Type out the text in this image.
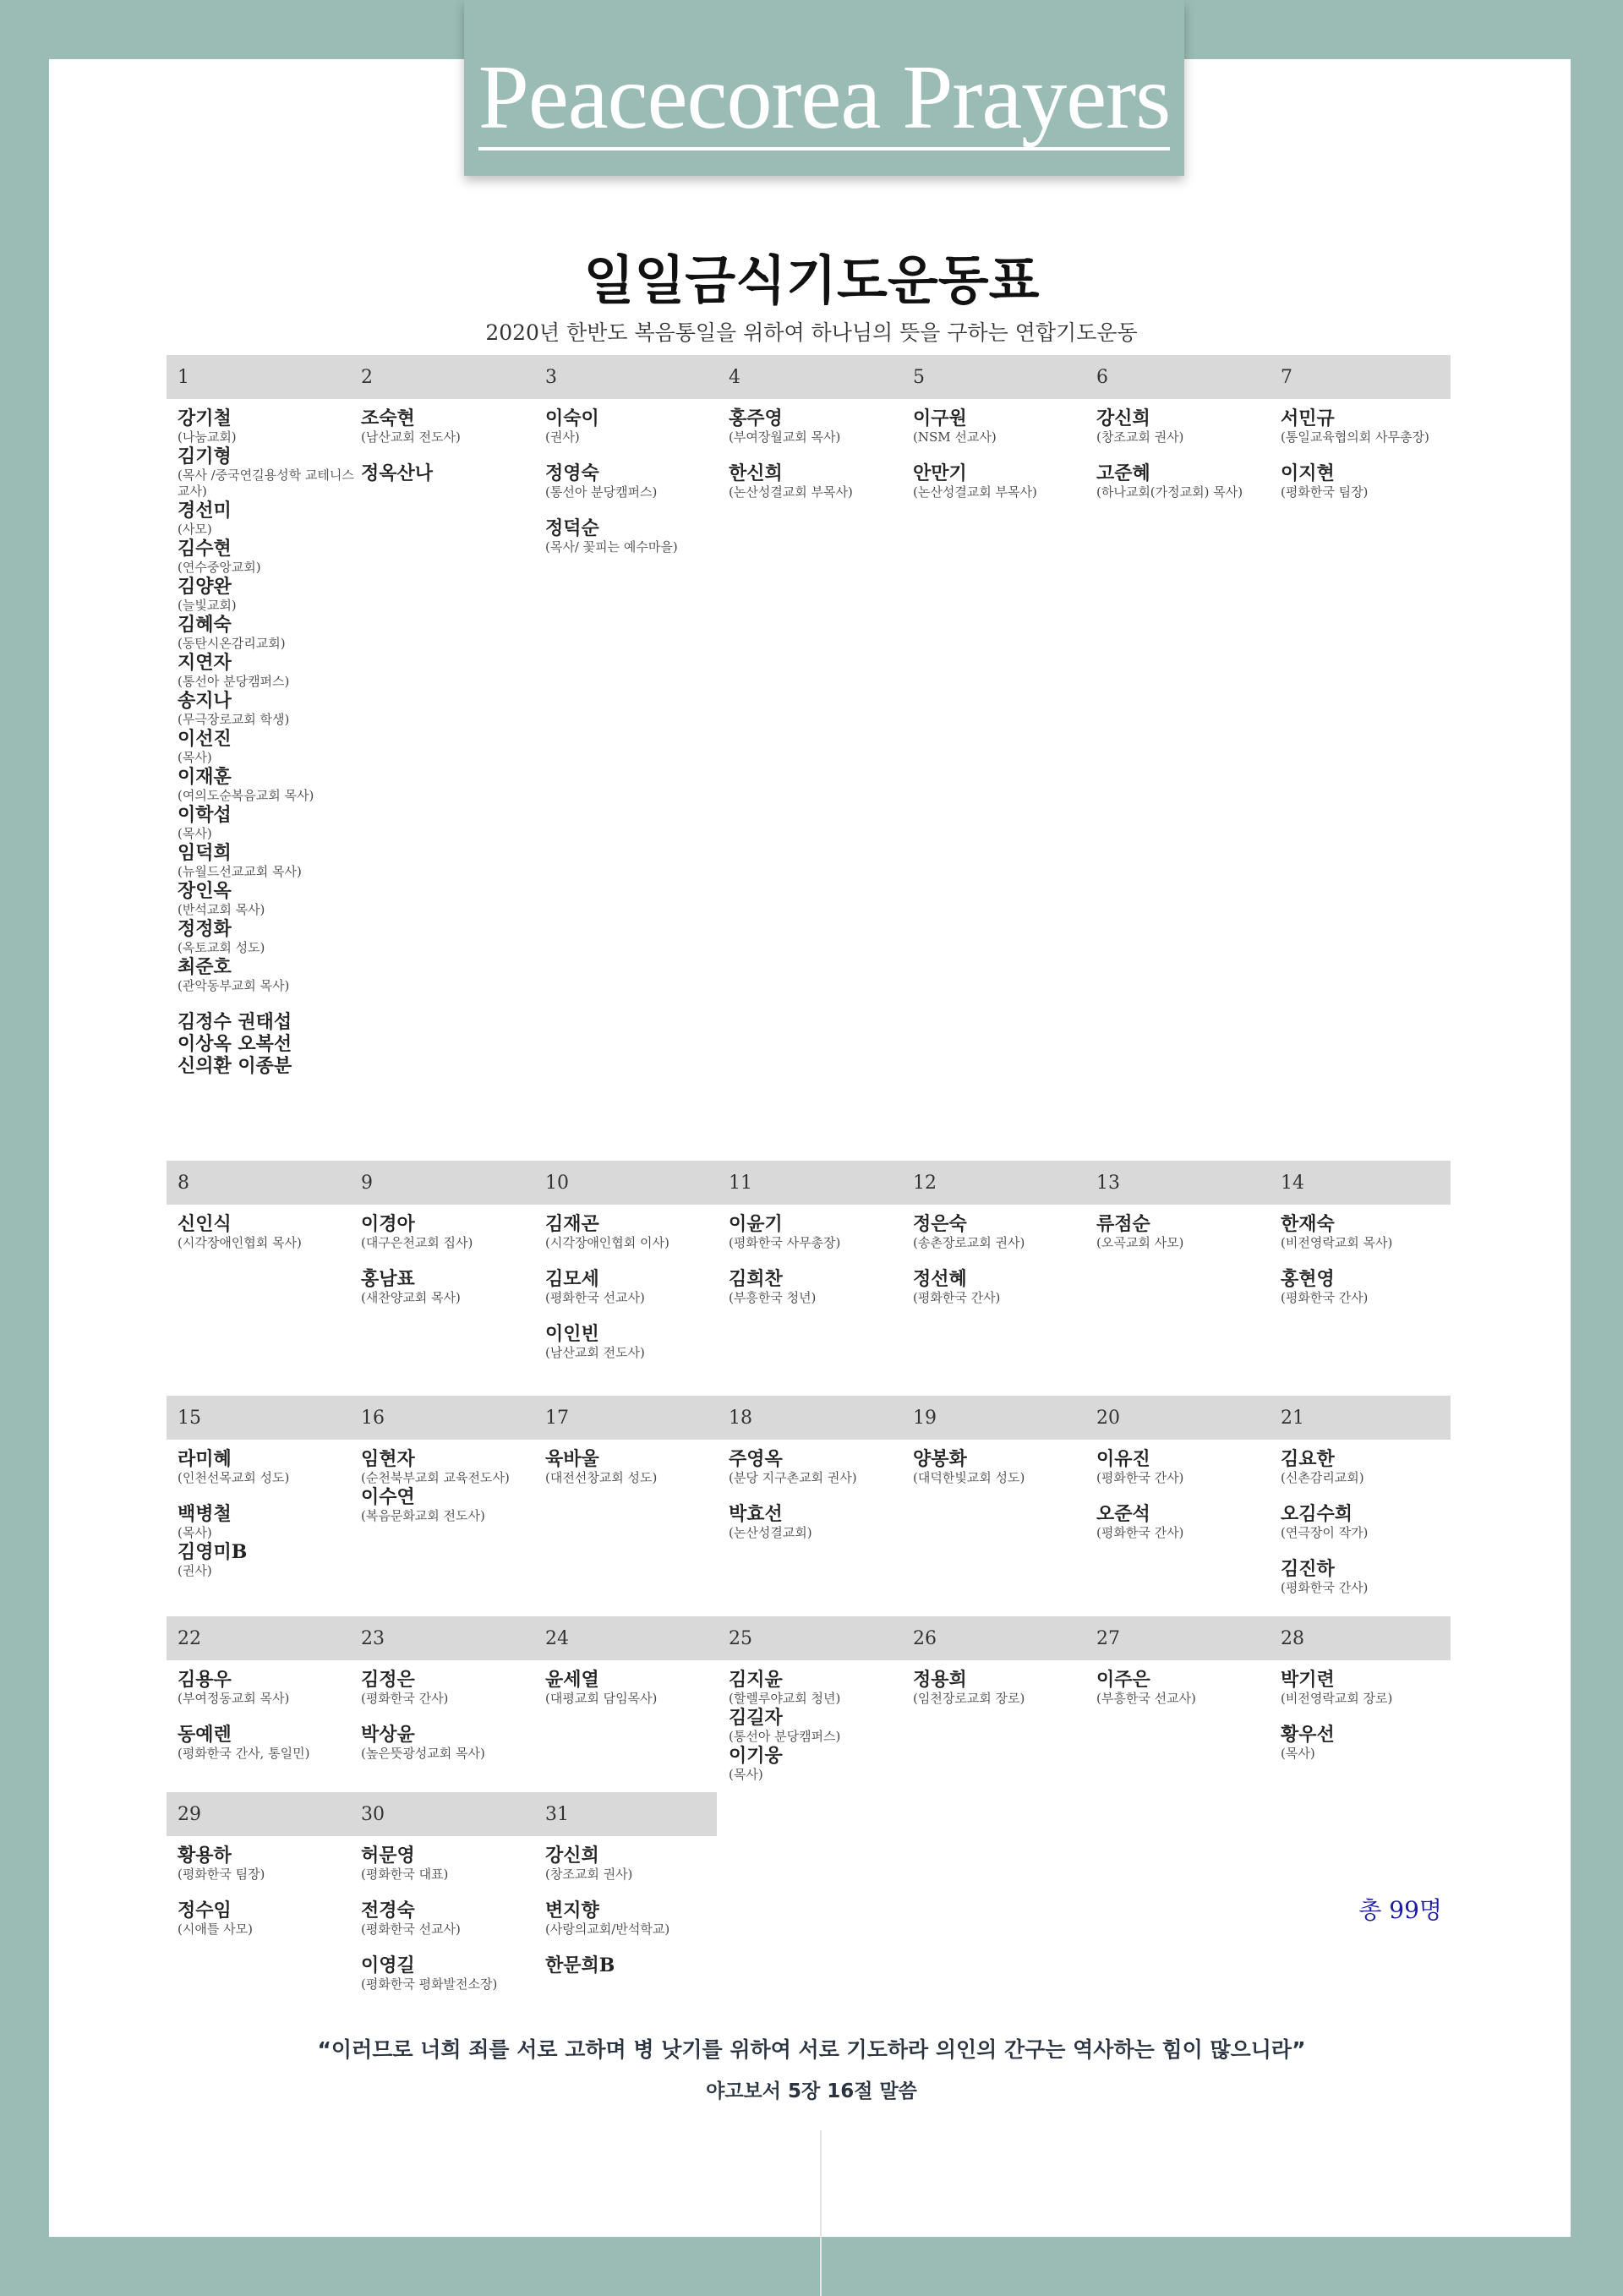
Peacecorea Prayers
일일금식기도운동표
2020년 한반도 복음통일을 위하여 하나님의 뜻을 구하는 연합기도운동
1
강기철
(나눔교회)
김기형
(목사 /중국연길용성학 교테니스교사)
경선미
(사모)
김수현
(연수중앙교회)
김양완
(늘빛교회)
김혜숙
(동탄시온감리교회)
지연자
(통선아 분당캠퍼스)
송지나
(무극장로교회 학생)
이선진
(목사)
이재훈
(여의도순복음교회 목사)
이학섭
(목사)
임덕희
(뉴월드선교교회 목사)
장인옥
(반석교회 목사)
정정화
(옥토교회 성도)
최준호
(관악동부교회 목사)
김정수 권태섭
이상옥 오복선
신의환 이종분
2
조숙현
(남산교회 전도사)
정옥산나
3
이숙이
(권사)
정영숙
(통선아 분당캠퍼스)
정덕순
(목사/ 꽃피는 예수마을)
4
홍주영
(부여장월교회 목사)
한신희
(논산성결교회 부목사)
5
이구원
(NSM 선교사)
안만기
(논산성결교회 부목사)
6
강신희
(창조교회 권사)
고준혜
(하나교회(가정교회) 목사)
7
서민규
(통일교육협의회 사무총장)
이지현
(평화한국 팀장)
8
신인식
(시각장애인협회 목사)
9
이경아
(대구은천교회 집사)
홍남표
(새찬양교회 목사)
10
김재곤
(시각장애인협회 이사)
김모세
(평화한국 선교사)
이인빈
(남산교회 전도사)
11
이윤기
(평화한국 사무총장)
김희찬
(부흥한국 청년)
12
정은숙
(송촌장로교회 권사)
정선혜
(평화한국 간사)
13
류점순
(오곡교회 사모)
14
한재숙
(비전영락교회 목사)
홍현영
(평화한국 간사)
15
라미혜
(인천선목교회 성도)
백병철
(목사)
김영미B
(권사)
16
임현자
(순천북부교회 교육전도사)
이수연
(복음문화교회 전도사)
17
육바울
(대전선창교회 성도)
18
주영옥
(분당 지구촌교회 권사)
박효선
(논산성결교회)
19
양봉화
(대덕한빛교회 성도)
20
이유진
(평화한국 간사)
오준석
(평화한국 간사)
21
김요한
(신촌감리교회)
오김수희
(연극장이 작가)
김진하
(평화한국 간사)
22
김용우
(부여정동교회 목사)
동예렌
(평화한국 간사, 통일민)
23
김정은
(평화한국 간사)
박상윤
(높은뜻광성교회 목사)
24
윤세열
(대평교회 담임목사)
25
김지윤
(할렐루야교회 청년)
김길자
(통선아 분당캠퍼스)
이기웅
(목사)
26
정용희
(임천장로교회 장로)
27
이주은
(부흥한국 선교사)
28
박기련
(비전영락교회 장로)
황우선
(목사)
29
황용하
(평화한국 팀장)
정수임
(시애틀 사모)
30
허문영
(평화한국 대표)
전경숙
(평화한국 선교사)
이영길
(평화한국 평화발전소장)
31
강신희
(창조교회 권사)
변지향
(사랑의교회/반석학교)
한문희B
총 99명
“이러므로 너희 죄를 서로 고하며 병 낫기를 위하여 서로 기도하라 의인의 간구는 역사하는 힘이 많으니라”
야고보서 5장 16절 말씀
